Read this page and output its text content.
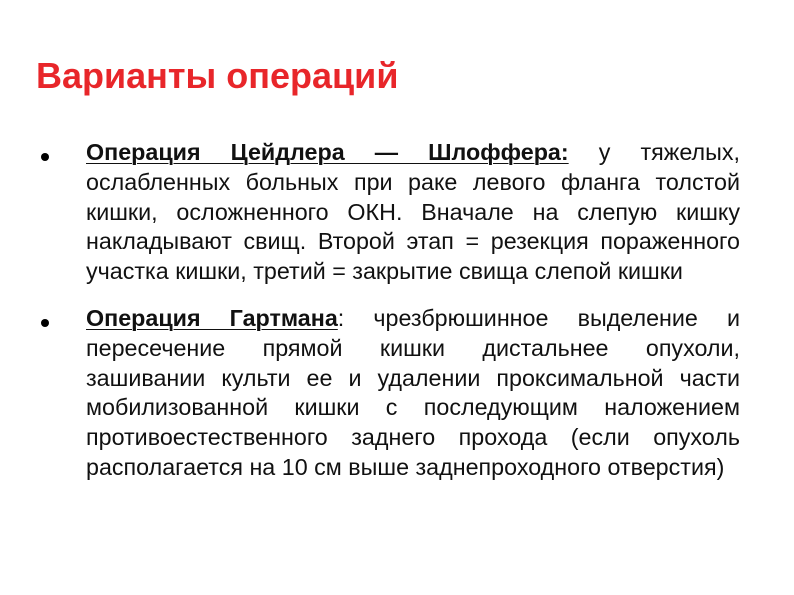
Варианты операций
Операция Цейдлера — Шлоффера: у тяжелых, ослабленных больных при раке левого фланга толстой кишки, осложненного ОКН. Вначале на слепую кишку накладывают свищ. Второй этап = резекция пораженного участка кишки, третий = закрытие свища слепой кишки
Операция Гартмана: чрезбрюшинное выделение и пересечение прямой кишки дистальнее опухоли, зашивании культи ее и удалении проксимальной части мобилизованной кишки с последующим наложением противоестественного заднего прохода (если опухоль располагается на 10 см выше заднепроходного отверстия)
